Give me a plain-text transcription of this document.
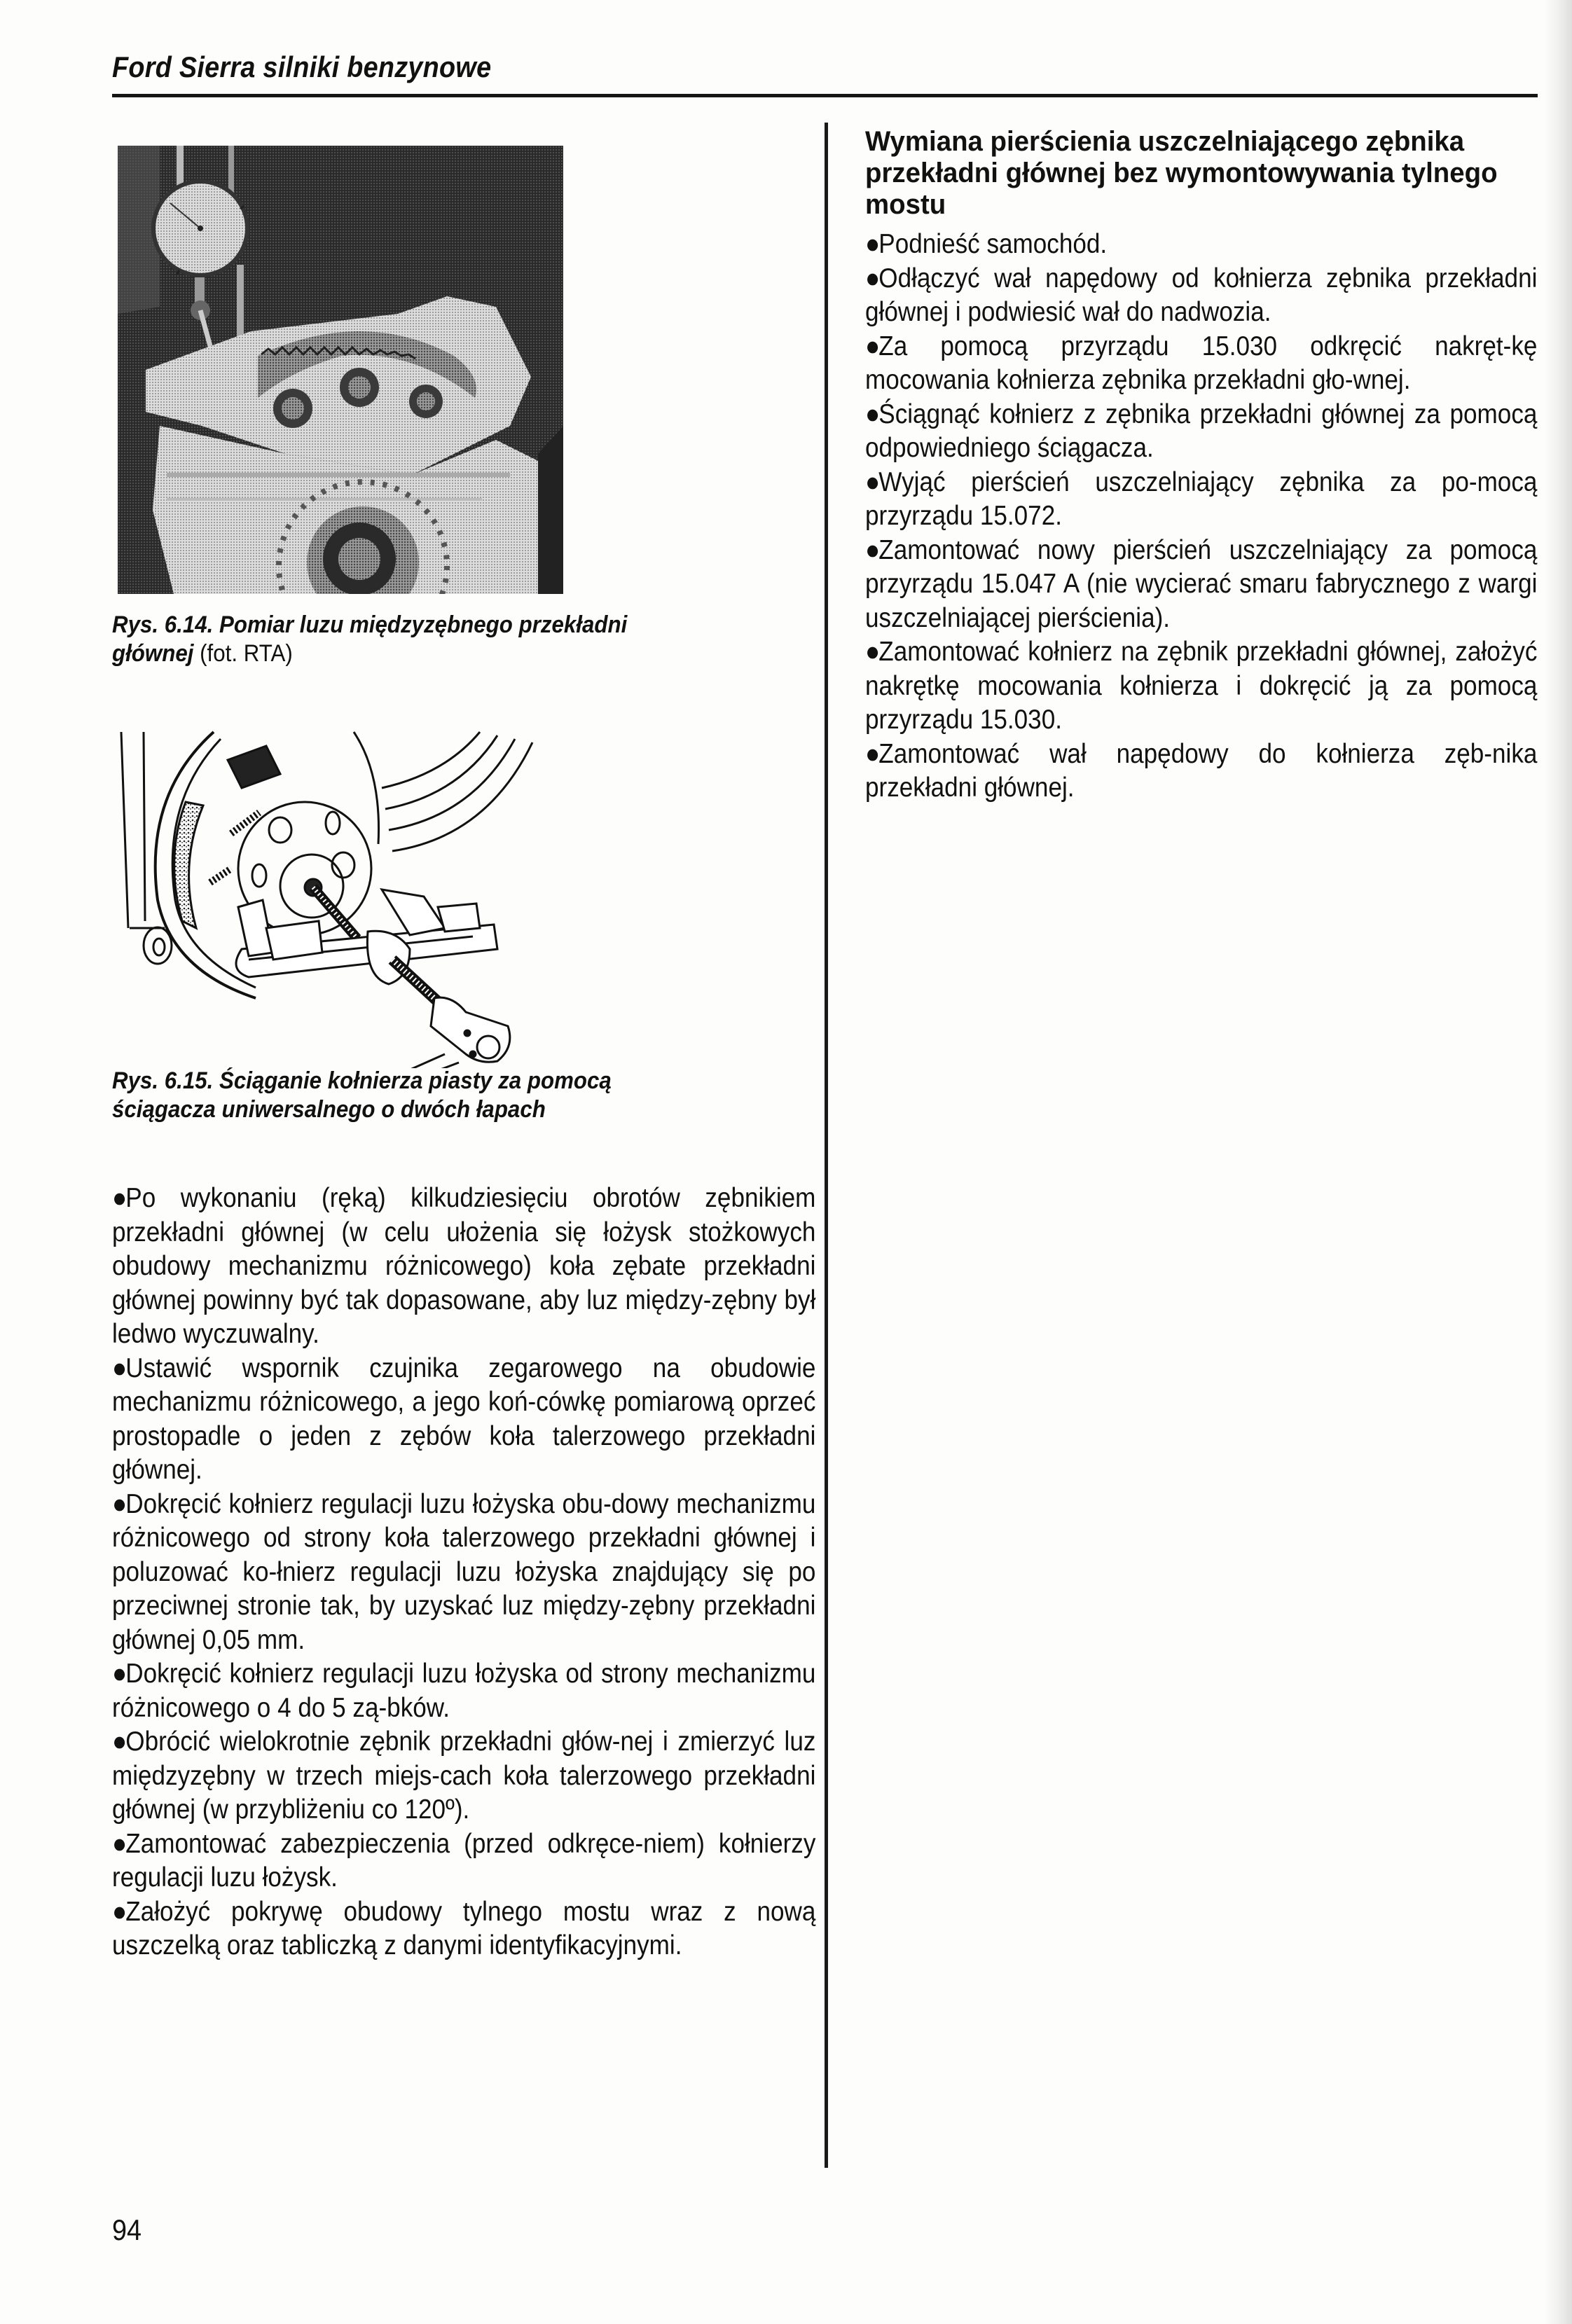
Ford Sierra silniki benzynowe
Rys. 6.14. Pomiar luzu międzyzębnego przekładni
głównej (fot. RTA)
Rys. 6.15. Ściąganie kołnierza piasty za pomocą
ściągacza uniwersalnego o dwóch łapach

●Po wykonaniu (ręką) kilkudziesięciu obrotów zębnikiem przekładni głównej (w celu ułożenia się łożysk stożkowych obudowy mechanizmu różnicowego) koła zębate przekładni głównej powinny być tak dopasowane, aby luz między-zębny był ledwo wyczuwalny.

●Ustawić wspornik czujnika zegarowego na obudowie mechanizmu różnicowego, a jego koń-cówkę pomiarową oprzeć prostopadle o jeden z zębów koła talerzowego przekładni głównej.

●Dokręcić kołnierz regulacji luzu łożyska obu-dowy mechanizmu różnicowego od strony koła talerzowego przekładni głównej i poluzować ko-łnierz regulacji luzu łożyska znajdujący się po przeciwnej stronie tak, by uzyskać luz między-zębny przekładni głównej 0,05 mm.

●Dokręcić kołnierz regulacji luzu łożyska od strony mechanizmu różnicowego o 4 do 5 zą-bków.

●Obrócić wielokrotnie zębnik przekładni głów-nej i zmierzyć luz międzyzębny w trzech miejs-cach koła talerzowego przekładni głównej (w przybliżeniu co 120º).

●Zamontować zabezpieczenia (przed odkręce-niem) kołnierzy regulacji luzu łożysk.

●Założyć pokrywę obudowy tylnego mostu wraz z nową uszczelką oraz tabliczką z danymi identyfikacyjnymi.

Wymiana pierścienia uszczelniającego zębnika przekładni głównej bez wymontowywania tylnego mostu

●Podnieść samochód.

●Odłączyć wał napędowy od kołnierza zębnika przekładni głównej i podwiesić wał do nadwozia.

●Za pomocą przyrządu 15.030 odkręcić nakręt-kę mocowania kołnierza zębnika przekładni gło-wnej.

●Ściągnąć kołnierz z zębnika przekładni głównej za pomocą odpowiedniego ściągacza.

●Wyjąć pierścień uszczelniający zębnika za po-mocą przyrządu 15.072.

●Zamontować nowy pierścień uszczelniający za pomocą przyrządu 15.047 A (nie wycierać smaru fabrycznego z wargi uszczelniającej pierścienia).

●Zamontować kołnierz na zębnik przekładni głównej, założyć nakrętkę mocowania kołnierza i dokręcić ją za pomocą przyrządu 15.030.

●Zamontować wał napędowy do kołnierza zęb-nika przekładni głównej.

94
